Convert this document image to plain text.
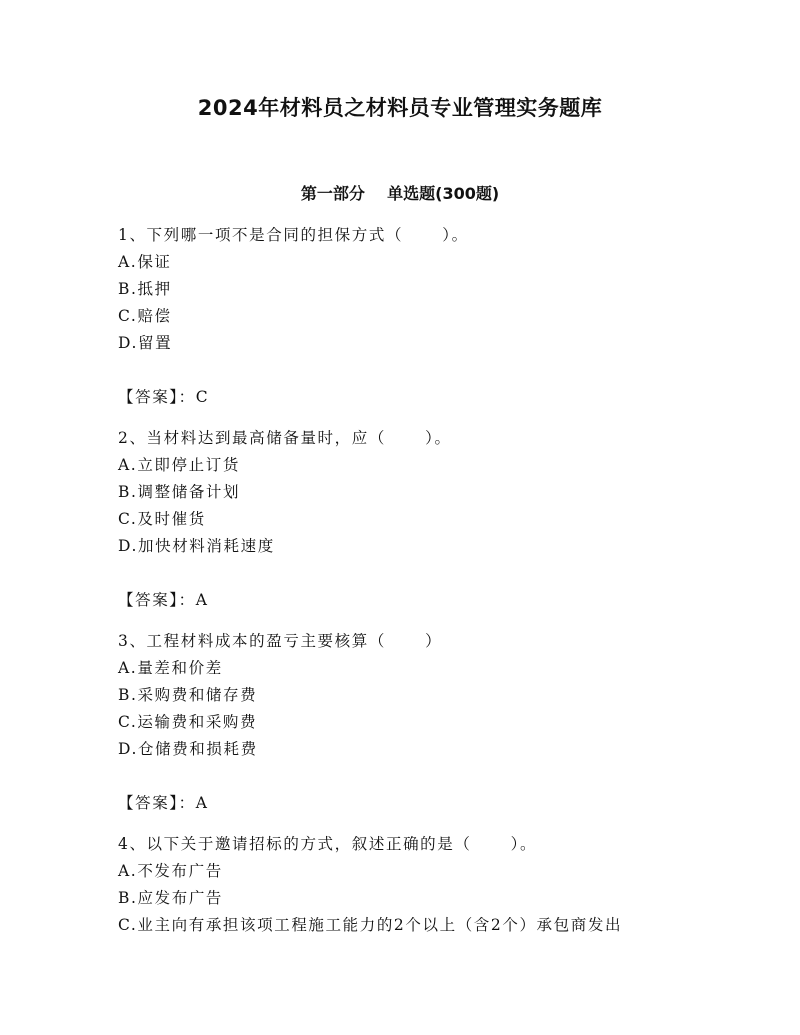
2024年材料员之材料员专业管理实务题库
第一部分    单选题(300题)
1、下列哪一项不是合同的担保方式（      ）。
A.保证
B.抵押
C.赔偿
D.留置
【答案】：C
2、当材料达到最高储备量时，应（      ）。
A.立即停止订货
B.调整储备计划
C.及时催货
D.加快材料消耗速度
【答案】：A
3、工程材料成本的盈亏主要核算（      ）
A.量差和价差
B.采购费和储存费
C.运输费和采购费
D.仓储费和损耗费
【答案】：A
4、以下关于邀请招标的方式，叙述正确的是（      ）。
A.不发布广告
B.应发布广告
C.业主向有承担该项工程施工能力的2个以上（含2个）承包商发出
